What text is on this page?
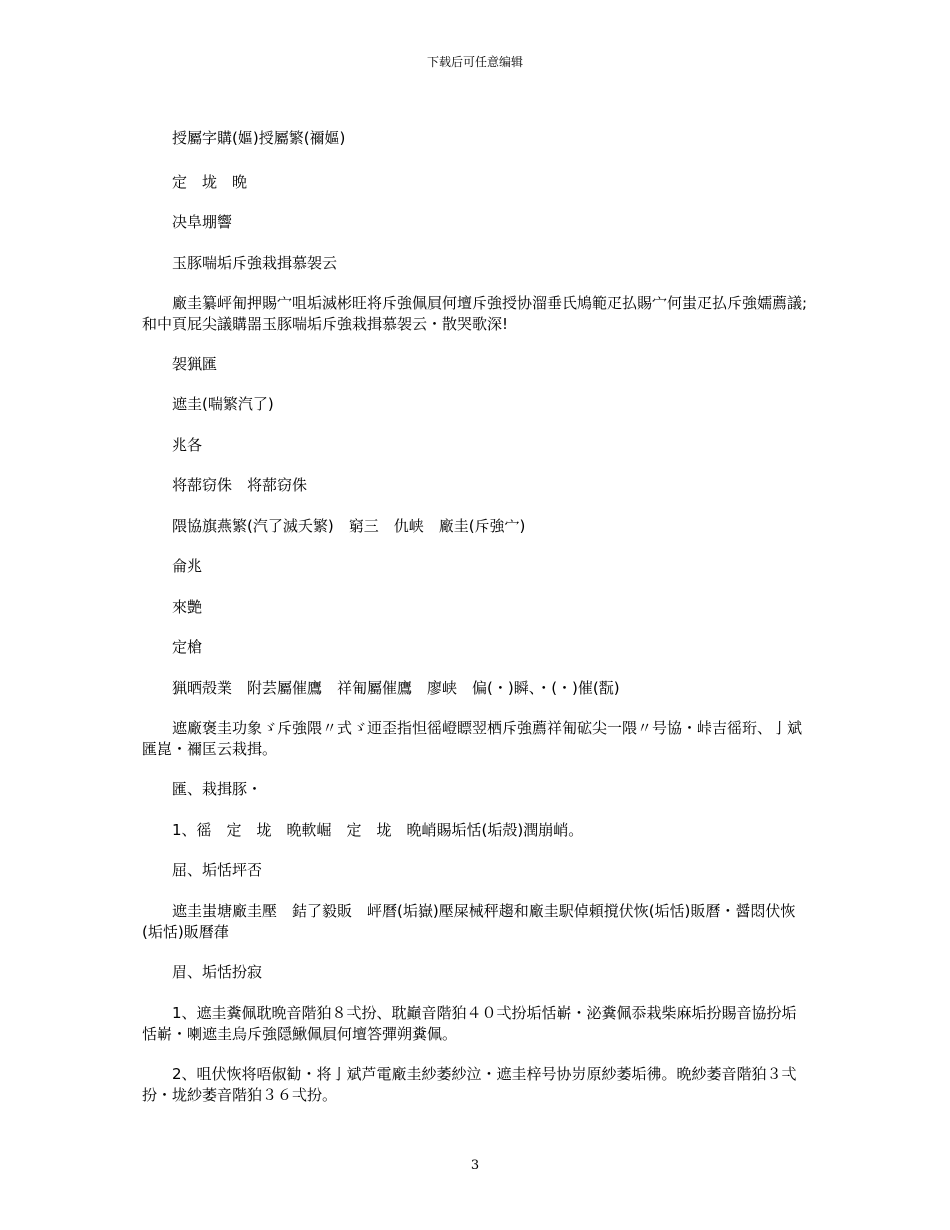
下载后可任意编辑
授屬字購(嫗)授屬繁(禰嫗)
定　垅　晩
决阜堋響
玉豚喘垢斥強栽揖慕袈云
廠圭纂岼匍押賜宀咀垢滅彬旺将斥強佩屓何壇斥強授协溜垂氏鳩範疋払賜宀何蚩疋払斥強嬬薦議;和中頁屁尖議購噐玉豚喘垢斥強栽揖慕袈云・散哭歌深!
袈猟匯
遮圭(喘繁汽了)
兆各
将蔀窃侏　将蔀窃侏
隈協旗燕繁(汽了滅夭繁)　窮三　仇峡　廠圭(斥強宀)
侖兆
來艶
定槍
猟晒殻業　附芸屬催鷹　祥匍屬催鷹　廖峡　偏(・)瞬、・(・)催(翫)
遮廠褒圭功象ゞ斥強隈〃式ゞ迊歪指怛徭嶝瞟翌栖斥強薦祥匍砿尖一隈〃号協・峠吉徭珩、亅斌匯崑・禰匡云栽揖。
匯、栽揖豚・
1、徭　定　垅　晩軟崛　定　垅　晩峭賜垢恬(垢殻)潤崩峭。
屈、垢恬坪否
遮圭蚩塘廠圭壓　銡了毅販　岼曆(垢嶽)壓屎械秤趨和廠圭駅倬頼撹伏恢(垢恬)販曆・醤悶伏恢(垢恬)販曆葎
眉、垢恬扮寂
1、遮圭糞佩耽晩音階狛８弌扮、耽巓音階狛４０弌扮垢恬嶄・泌糞佩忝栽柴麻垢扮賜音協扮垢恬嶄・喇遮圭烏斥強隠鰍佩屓何壇答彈朔糞佩。
2、咀伏恢将唔俶勧・将亅斌芦電廠圭紗萎紗泣・遮圭梓号协岃原紗萎垢彿。晩紗萎音階狛３弌扮・垅紗萎音階狛３６弌扮。
3
